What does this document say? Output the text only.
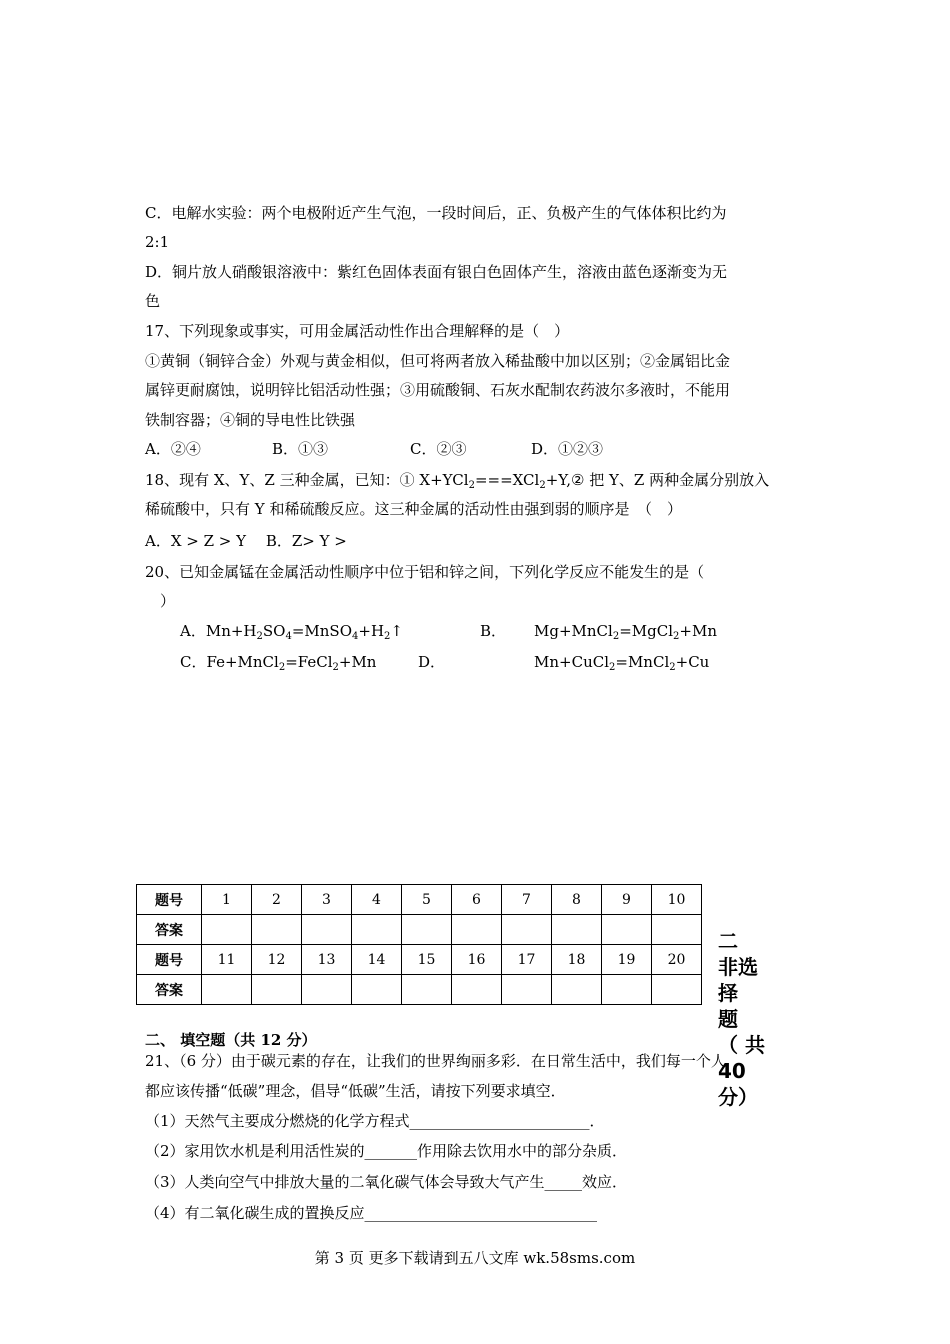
C．电解水实验：两个电极附近产生气泡，一段时间后，正、负极产生的气体体积比约为
2:1
D．铜片放人硝酸银溶液中：紫红色固体表面有银白色固体产生，溶液由蓝色逐渐变为无
色
17、下列现象或事实，可用金属活动性作出合理解释的是（　）
①黄铜（铜锌合金）外观与黄金相似，但可将两者放入稀盐酸中加以区别；②金属铝比金
属锌更耐腐蚀，说明锌比铝活动性强；③用硫酸铜、石灰水配制农药波尔多液时，不能用
铁制容器；④铜的导电性比铁强
A．②④	B．①③	C．②③	D．①②③
18、现有 X、Y、Z 三种金属，已知：① X+YCl$_2$===XCl$_2$+Y,② 把 Y、Z 两种金属分别放入
稀硫酸中，只有 Y 和稀硫酸反应。这三种金属的活动性由强到弱的顺序是　（　）
A．X > Z > Y　 B．Z> Y >
20、已知金属锰在金属活动性顺序中位于铝和锌之间，下列化学反应不能发生的是（
）
A．$Mn+H_2SO_4=MnSO_4+H_2↑$	B． Mg+MnCl$_2$=MgCl$_2$+Mn
C．Fe+MnCl$_2$=FeCl$_2$+Mn	D．	Mn+CuCl$_2$=MnCl$_2$+Cu
题号	1	2	3	4	5	6	7	8	9	10
答案										
题号	11	12	13	14	15	16	17	18	19	20
答案										
二
非选
择
题
（ 共
40
分）
二、 填空题（共 12 分）
21、（6 分）由于碳元素的存在，让我们的世界绚丽多彩．在日常生活中，我们每一个人
都应该传播“低碳”理念，倡导“低碳”生活，请按下列要求填空．
（1）天然气主要成分燃烧的化学方程式________________________．
（2）家用饮水机是利用活性炭的_______作用除去饮用水中的部分杂质．
（3）人类向空气中排放大量的二氧化碳气体会导致大气产生_____效应．
（4）有二氧化碳生成的置换反应_______________________________
第 3 页 更多下载请到五八文库 wk.58sms.com
